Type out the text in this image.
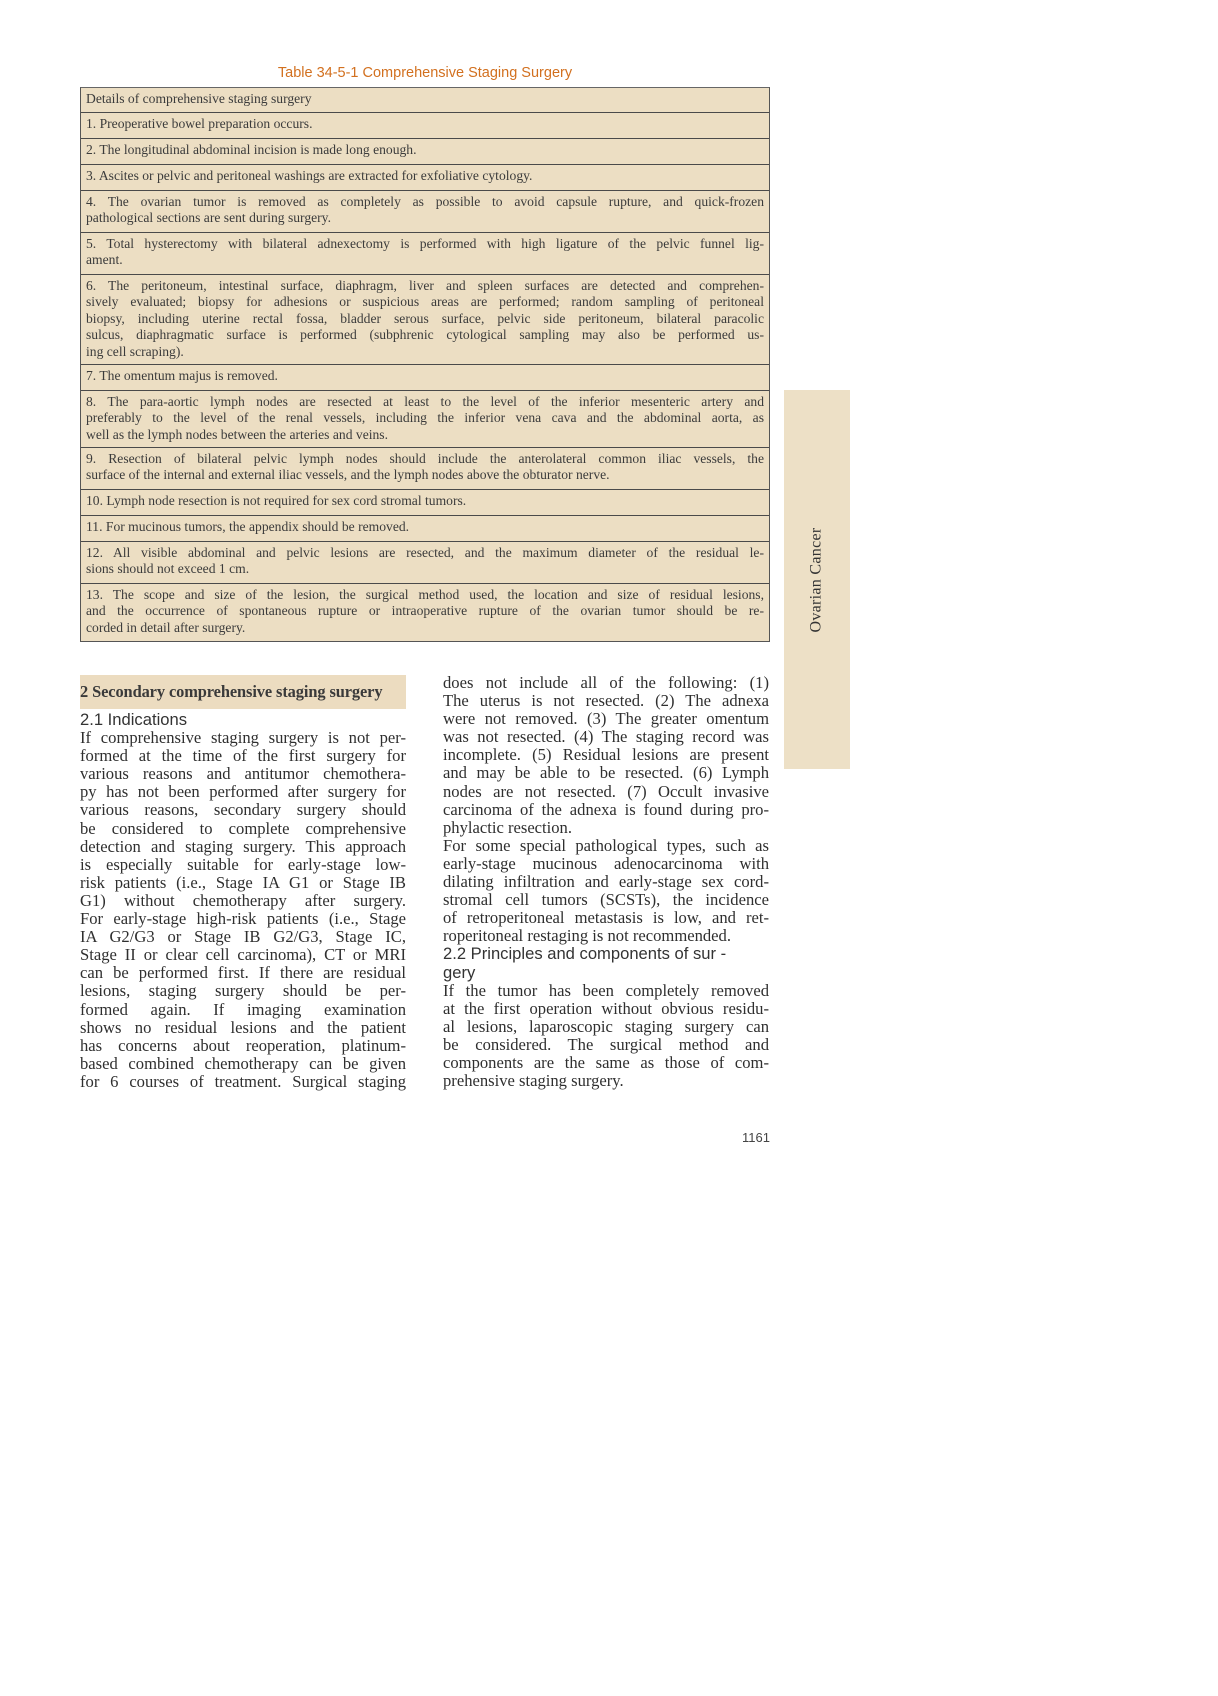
Table 34-5-1 Comprehensive Staging Surgery
Details of comprehensive staging surgery
1. Preoperative bowel preparation occurs.
2. The longitudinal abdominal incision is made long enough.
3. Ascites or pelvic and peritoneal washings are extracted for exfoliative cytology.
4. The ovarian tumor is removed as completely as possible to avoid capsule rupture, and quick-frozen
pathological sections are sent during surgery.
5. Total hysterectomy with bilateral adnexectomy is performed with high ligature of the pelvic funnel lig-
ament.
6. The peritoneum, intestinal surface, diaphragm, liver and spleen surfaces are detected and comprehen-
sively evaluated; biopsy for adhesions or suspicious areas are performed; random sampling of peritoneal
biopsy, including uterine rectal fossa, bladder serous surface, pelvic side peritoneum, bilateral paracolic
sulcus, diaphragmatic surface is performed (subphrenic cytological sampling may also be performed us-
ing cell scraping).
7. The omentum majus is removed.
8. The para-aortic lymph nodes are resected at least to the level of the inferior mesenteric artery and
preferably to the level of the renal vessels, including the inferior vena cava and the abdominal aorta, as
well as the lymph nodes between the arteries and veins.
9. Resection of bilateral pelvic lymph nodes should include the anterolateral common iliac vessels, the
surface of the internal and external iliac vessels, and the lymph nodes above the obturator nerve.
10. Lymph node resection is not required for sex cord stromal tumors.
11. For mucinous tumors, the appendix should be removed.
12. All visible abdominal and pelvic lesions are resected, and the maximum diameter of the residual le-
sions should not exceed 1 cm.
13. The scope and size of the lesion, the surgical method used, the location and size of residual lesions,
and the occurrence of spontaneous rupture or intraoperative rupture of the ovarian tumor should be re-
corded in detail after surgery.	Ovarian Cancer
2 Secondary comprehensive staging surgery
2.1 Indications
If comprehensive staging surgery is not per-
formed at the time of the first surgery for
various reasons and antitumor chemothera-
py has not been performed after surgery for
various reasons, secondary surgery should
be considered to complete comprehensive
detection and staging surgery. This approach
is especially suitable for early-stage low-
risk patients (i.e., Stage IA G1 or Stage IB
G1) without chemotherapy after surgery.
For early-stage high-risk patients (i.e., Stage
IA G2/G3 or Stage IB G2/G3, Stage IC,
Stage II or clear cell carcinoma), CT or MRI
can be performed first. If there are residual
lesions, staging surgery should be per-
formed again. If imaging examination
shows no residual lesions and the patient
has concerns about reoperation, platinum-
based combined chemotherapy can be given
for 6 courses of treatment. Surgical staging
does not include all of the following: (1)
The uterus is not resected. (2) The adnexa
were not removed. (3) The greater omentum
was not resected. (4) The staging record was
incomplete. (5) Residual lesions are present
and may be able to be resected. (6) Lymph
nodes are not resected. (7) Occult invasive
carcinoma of the adnexa is found during pro-
phylactic resection.
For some special pathological types, such as
early-stage mucinous adenocarcinoma with
dilating infiltration and early-stage sex cord-
stromal cell tumors (SCSTs), the incidence
of retroperitoneal metastasis is low, and ret-
roperitoneal restaging is not recommended.
2.2 Principles and components of sur -
gery
If the tumor has been completely removed
at the first operation without obvious residu-
al lesions, laparoscopic staging surgery can
be considered. The surgical method and
components are the same as those of com-
prehensive staging surgery.
1161
